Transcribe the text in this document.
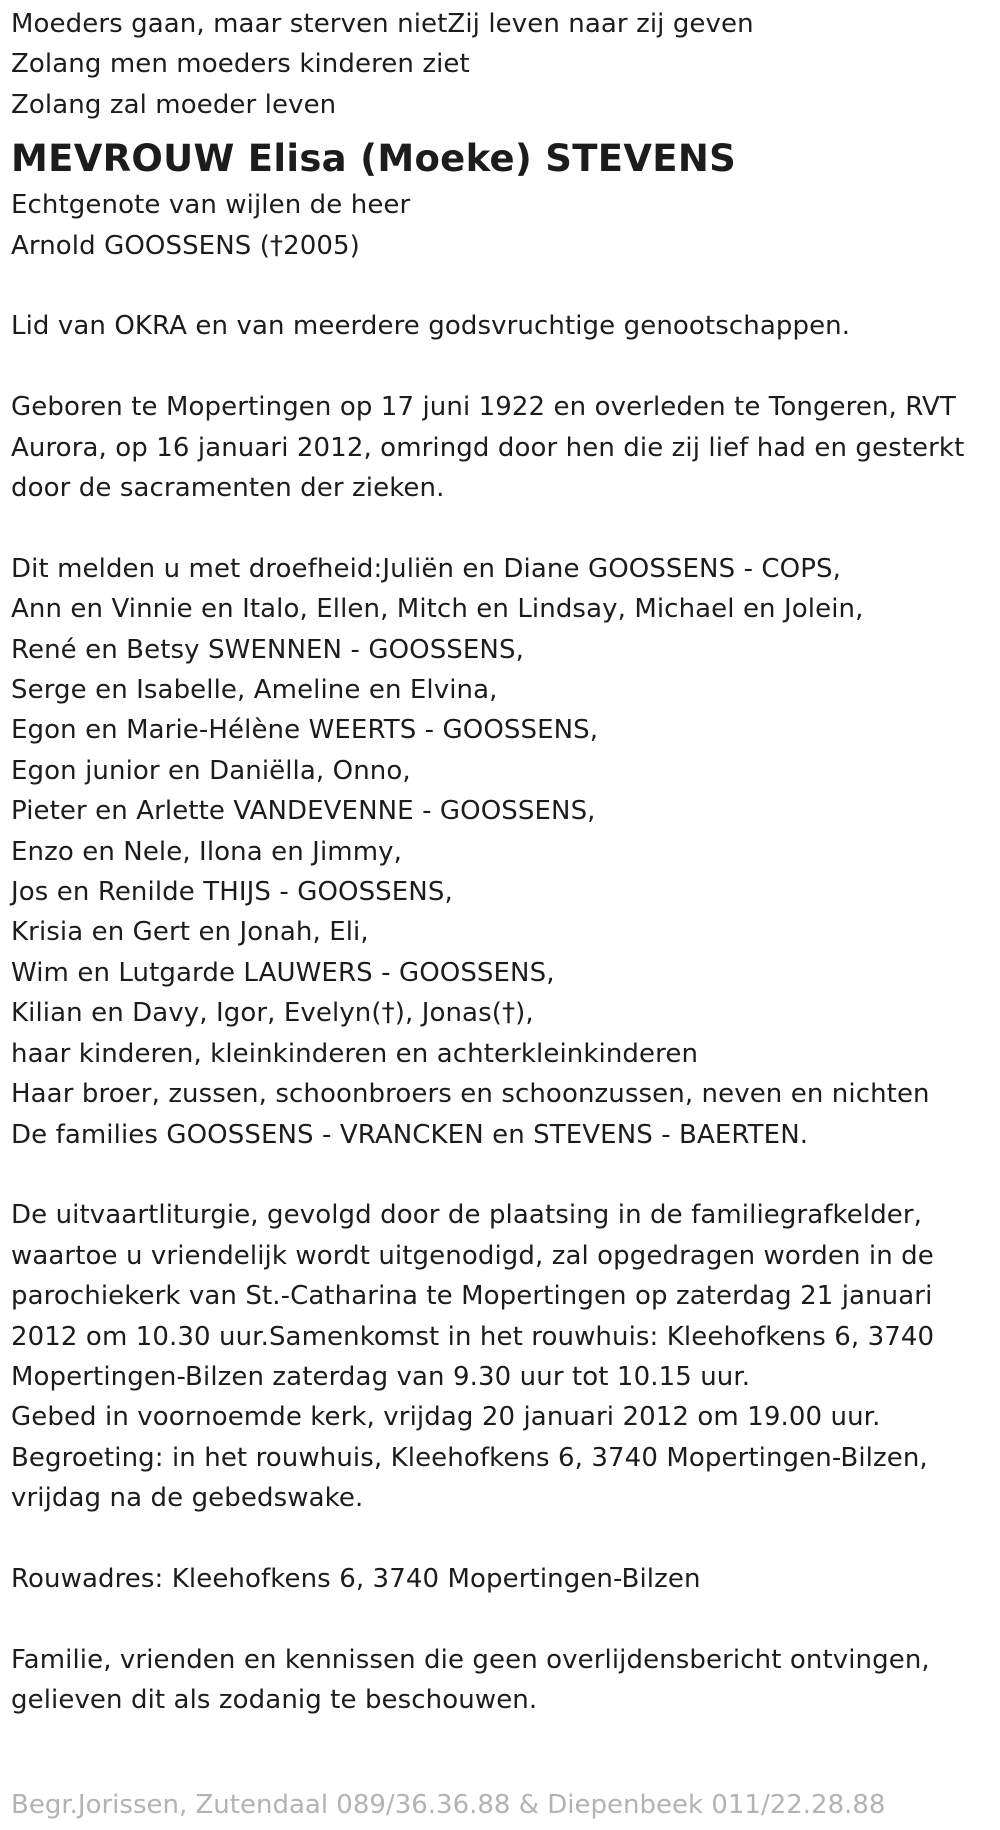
Moeders gaan, maar sterven nietZij leven naar zij geven
Zolang men moeders kinderen ziet
Zolang zal moeder leven
MEVROUW Elisa (Moeke) STEVENS
Echtgenote van wijlen de heer
Arnold GOOSSENS (†2005)
Lid van OKRA en van meerdere godsvruchtige genootschappen.
Geboren te Mopertingen op 17 juni 1922 en overleden te Tongeren, RVT
Aurora, op 16 januari 2012, omringd door hen die zij lief had en gesterkt
door de sacramenten der zieken.
Dit melden u met droefheid:Juliën en Diane GOOSSENS - COPS,
Ann en Vinnie en Italo, Ellen, Mitch en Lindsay, Michael en Jolein,
René en Betsy SWENNEN - GOOSSENS,
Serge en Isabelle, Ameline en Elvina,
Egon en Marie-Hélène WEERTS - GOOSSENS,
Egon junior en Daniëlla, Onno,
Pieter en Arlette VANDEVENNE - GOOSSENS,
Enzo en Nele, Ilona en Jimmy,
Jos en Renilde THIJS - GOOSSENS,
Krisia en Gert en Jonah, Eli,
Wim en Lutgarde LAUWERS - GOOSSENS,
Kilian en Davy, Igor, Evelyn(†), Jonas(†),
haar kinderen, kleinkinderen en achterkleinkinderen
Haar broer, zussen, schoonbroers en schoonzussen, neven en nichten
De families GOOSSENS - VRANCKEN en STEVENS - BAERTEN.
De uitvaartliturgie, gevolgd door de plaatsing in de familiegrafkelder,
waartoe u vriendelijk wordt uitgenodigd, zal opgedragen worden in de
parochiekerk van St.-Catharina te Mopertingen op zaterdag 21 januari
2012 om 10.30 uur.Samenkomst in het rouwhuis: Kleehofkens 6, 3740
Mopertingen-Bilzen zaterdag van 9.30 uur tot 10.15 uur.
Gebed in voornoemde kerk, vrijdag 20 januari 2012 om 19.00 uur.
Begroeting: in het rouwhuis, Kleehofkens 6, 3740 Mopertingen-Bilzen,
vrijdag na de gebedswake.
Rouwadres: Kleehofkens 6, 3740 Mopertingen-Bilzen
Familie, vrienden en kennissen die geen overlijdensbericht ontvingen,
gelieven dit als zodanig te beschouwen.
Begr.Jorissen, Zutendaal 089/36.36.88 & Diepenbeek 011/22.28.88
